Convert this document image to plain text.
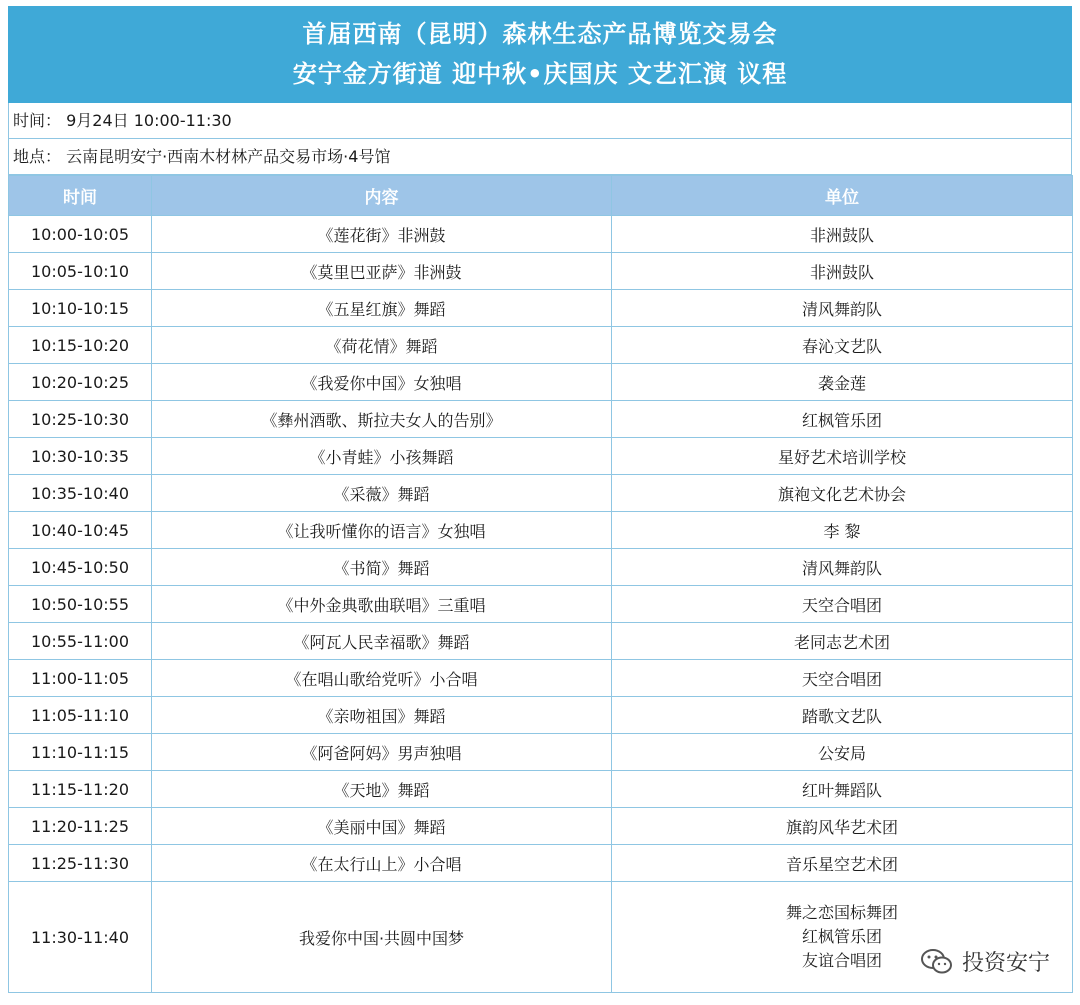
首届西南（昆明）森林生态产品博览交易会
安宁金方街道 迎中秋•庆国庆 文艺汇演 议程
时间： 9月24日 10:00-11:30
地点： 云南昆明安宁·西南木材林产品交易市场·4号馆
时间	内容	单位
10:00-10:05	《莲花街》非洲鼓	非洲鼓队
10:05-10:10	《莫里巴亚萨》非洲鼓	非洲鼓队
10:10-10:15	《五星红旗》舞蹈	清风舞韵队
10:15-10:20	《荷花情》舞蹈	春沁文艺队
10:20-10:25	《我爱你中国》女独唱	袭金莲
10:25-10:30	《彝州酒歌、斯拉夫女人的告别》	红枫管乐团
10:30-10:35	《小青蛙》小孩舞蹈	星妤艺术培训学校
10:35-10:40	《采薇》舞蹈	旗袍文化艺术协会
10:40-10:45	《让我听懂你的语言》女独唱	李 黎
10:45-10:50	《书简》舞蹈	清风舞韵队
10:50-10:55	《中外金典歌曲联唱》三重唱	天空合唱团
10:55-11:00	《阿瓦人民幸福歌》舞蹈	老同志艺术团
11:00-11:05	《在唱山歌给党听》小合唱	天空合唱团
11:05-11:10	《亲吻祖国》舞蹈	踏歌文艺队
11:10-11:15	《阿爸阿妈》男声独唱	公安局
11:15-11:20	《天地》舞蹈	红叶舞蹈队
11:20-11:25	《美丽中国》舞蹈	旗韵风华艺术团
11:25-11:30	《在太行山上》小合唱	音乐星空艺术团
11:30-11:40	我爱你中国·共圆中国梦	舞之恋国标舞团
红枫管乐团
友谊合唱团	投资安宁
